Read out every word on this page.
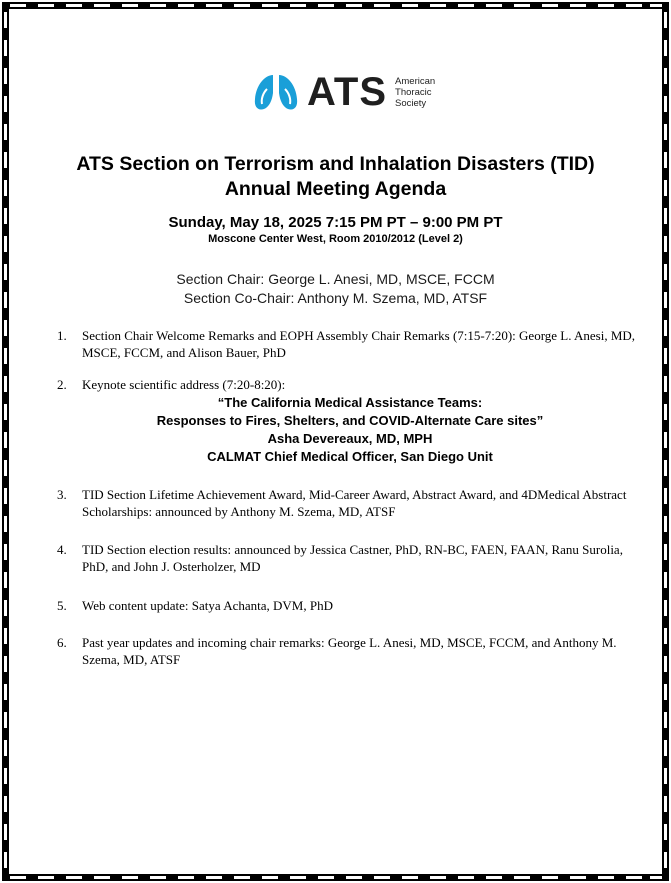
ATS American
Thoracic
Society
ATS Section on Terrorism and Inhalation Disasters (TID)
Annual Meeting Agenda
Sunday, May 18, 2025 7:15 PM PT – 9:00 PM PT
Moscone Center West, Room 2010/2012 (Level 2)
Section Chair: George L. Anesi, MD, MSCE, FCCM
Section Co-Chair: Anthony M. Szema, MD, ATSF
1.	Section Chair Welcome Remarks and EOPH Assembly Chair Remarks (7:15-7:20): George L. Anesi, MD, MSCE, FCCM, and Alison Bauer, PhD
2.	Keynote scientific address (7:20-8:20):
“The California Medical Assistance Teams:
Responses to Fires, Shelters, and COVID-Alternate Care sites”
Asha Devereaux, MD, MPH
CALMAT Chief Medical Officer, San Diego Unit
3.	TID Section Lifetime Achievement Award, Mid-Career Award, Abstract Award, and 4DMedical Abstract Scholarships: announced by Anthony M. Szema, MD, ATSF
4.	TID Section election results: announced by Jessica Castner, PhD, RN-BC, FAEN, FAAN, Ranu Surolia, PhD, and John J. Osterholzer, MD
5.	Web content update: Satya Achanta, DVM, PhD
6.	Past year updates and incoming chair remarks: George L. Anesi, MD, MSCE, FCCM, and Anthony M. Szema, MD, ATSF
